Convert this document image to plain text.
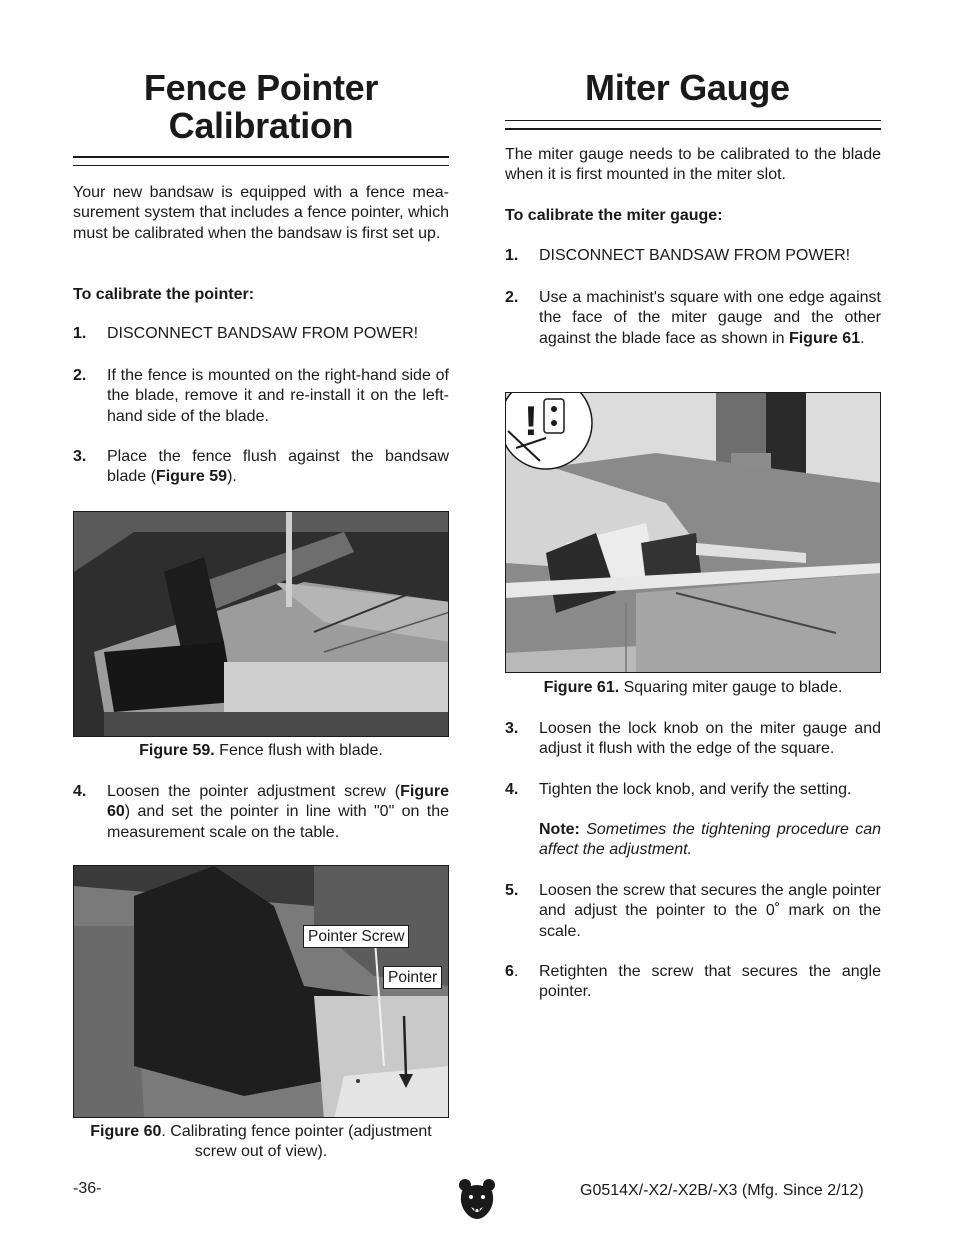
Fence Pointer
Calibration

Your new bandsaw is equipped with a fence mea-surement system that includes a fence pointer, which must be calibrated when the bandsaw is first set up.

To calibrate the pointer:

1.	DISCONNECT BANDSAW FROM POWER!
2.	If the fence is mounted on the right-hand side of the blade, remove it and re-install it on the left-hand side of the blade.
3.	Place the fence flush against the bandsaw blade (Figure 59).
Figure 59. Fence flush with blade.
4.	Loosen the pointer adjustment screw (Figure 60) and set the pointer in line with "0" on the measurement scale on the table.
Pointer Screw
Pointer
Figure 60. Calibrating fence pointer (adjustment screw out of view).
Miter Gauge

The miter gauge needs to be calibrated to the blade when it is first mounted in the miter slot.

To calibrate the miter gauge:

1.	DISCONNECT BANDSAW FROM POWER!
2.	Use a machinist's square with one edge against the face of the miter gauge and the other against the blade face as shown in Figure 61.
!
Figure 61. Squaring miter gauge to blade.
3.	Loosen the lock knob on the miter gauge and adjust it flush with the edge of the square.
4.	Tighten the lock knob, and verify the setting.
Note: Sometimes the tightening procedure can affect the adjustment.
5.	Loosen the screw that secures the angle pointer and adjust the pointer to the 0˚ mark on the scale.
6.	Retighten the screw that secures the angle pointer.
-36-	G0514X/-X2/-X2B/-X3 (Mfg. Since 2/12)
